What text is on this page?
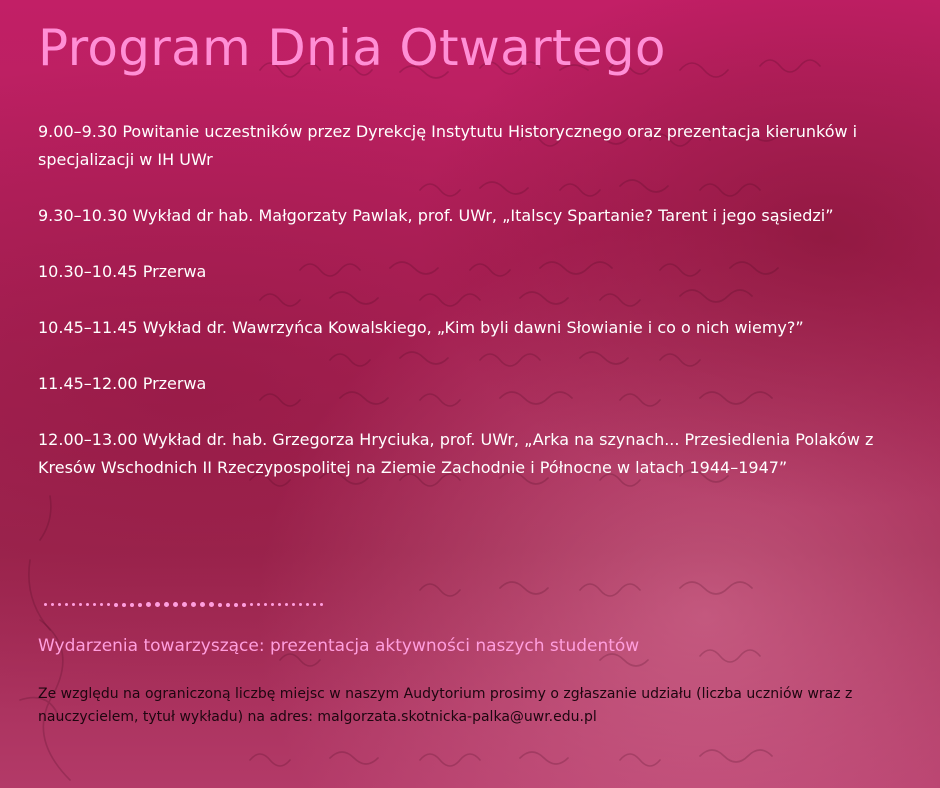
Program Dnia Otwartego

9.00–9.30 Powitanie uczestników przez Dyrekcję Instytutu Historycznego oraz prezentacja kierunków i specjalizacji w IH UWr

9.30–10.30 Wykład dr hab. Małgorzaty Pawlak, prof. UWr, „Italscy Spartanie? Tarent i jego sąsiedzi”

10.30–10.45 Przerwa

10.45–11.45 Wykład dr. Wawrzyńca Kowalskiego, „Kim byli dawni Słowianie i co o nich wiemy?”

11.45–12.00 Przerwa

12.00–13.00 Wykład dr. hab. Grzegorza Hryciuka, prof. UWr, „Arka na szynach... Przesiedlenia Polaków z Kresów Wschodnich II Rzeczypospolitej na Ziemie Zachodnie i Północne w latach 1944–1947”

Wydarzenia towarzyszące: prezentacja aktywności naszych studentów

Ze względu na ograniczoną liczbę miejsc w naszym Audytorium prosimy o zgłaszanie udziału (liczba uczniów wraz z nauczycielem, tytuł wykładu) na adres: malgorzata.skotnicka-palka@uwr.edu.pl
